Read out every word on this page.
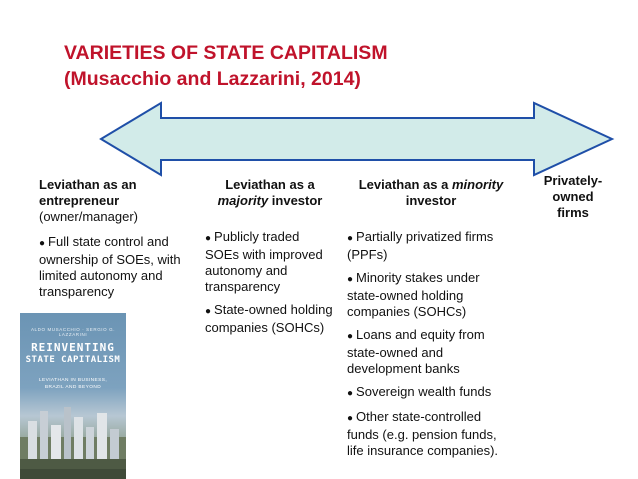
VARIETIES OF STATE CAPITALISM
(Musacchio and Lazzarini, 2014)

Leviathan as an

entrepreneur

(owner/manager)

● Full state control and ownership of SOEs, with limited autonomy and transparency

Leviathan as a

majority investor

● Publicly traded SOEs with improved autonomy and transparency
● State-owned holding companies (SOHCs)

Leviathan as a minority

investor

● Partially privatized firms (PPFs)
● Minority stakes under state-owned holding companies (SOHCs)
● Loans and equity from state-owned and development banks
● Sovereign wealth funds
● Other state-controlled funds (e.g. pension funds, life insurance companies).

Privately-

owned

firms

ALDO MUSACCHIO · SERGIO G. LAZZARINI
REINVENTING
STATE CAPITALISM
LEVIATHAN IN BUSINESS,
BRAZIL AND BEYOND
